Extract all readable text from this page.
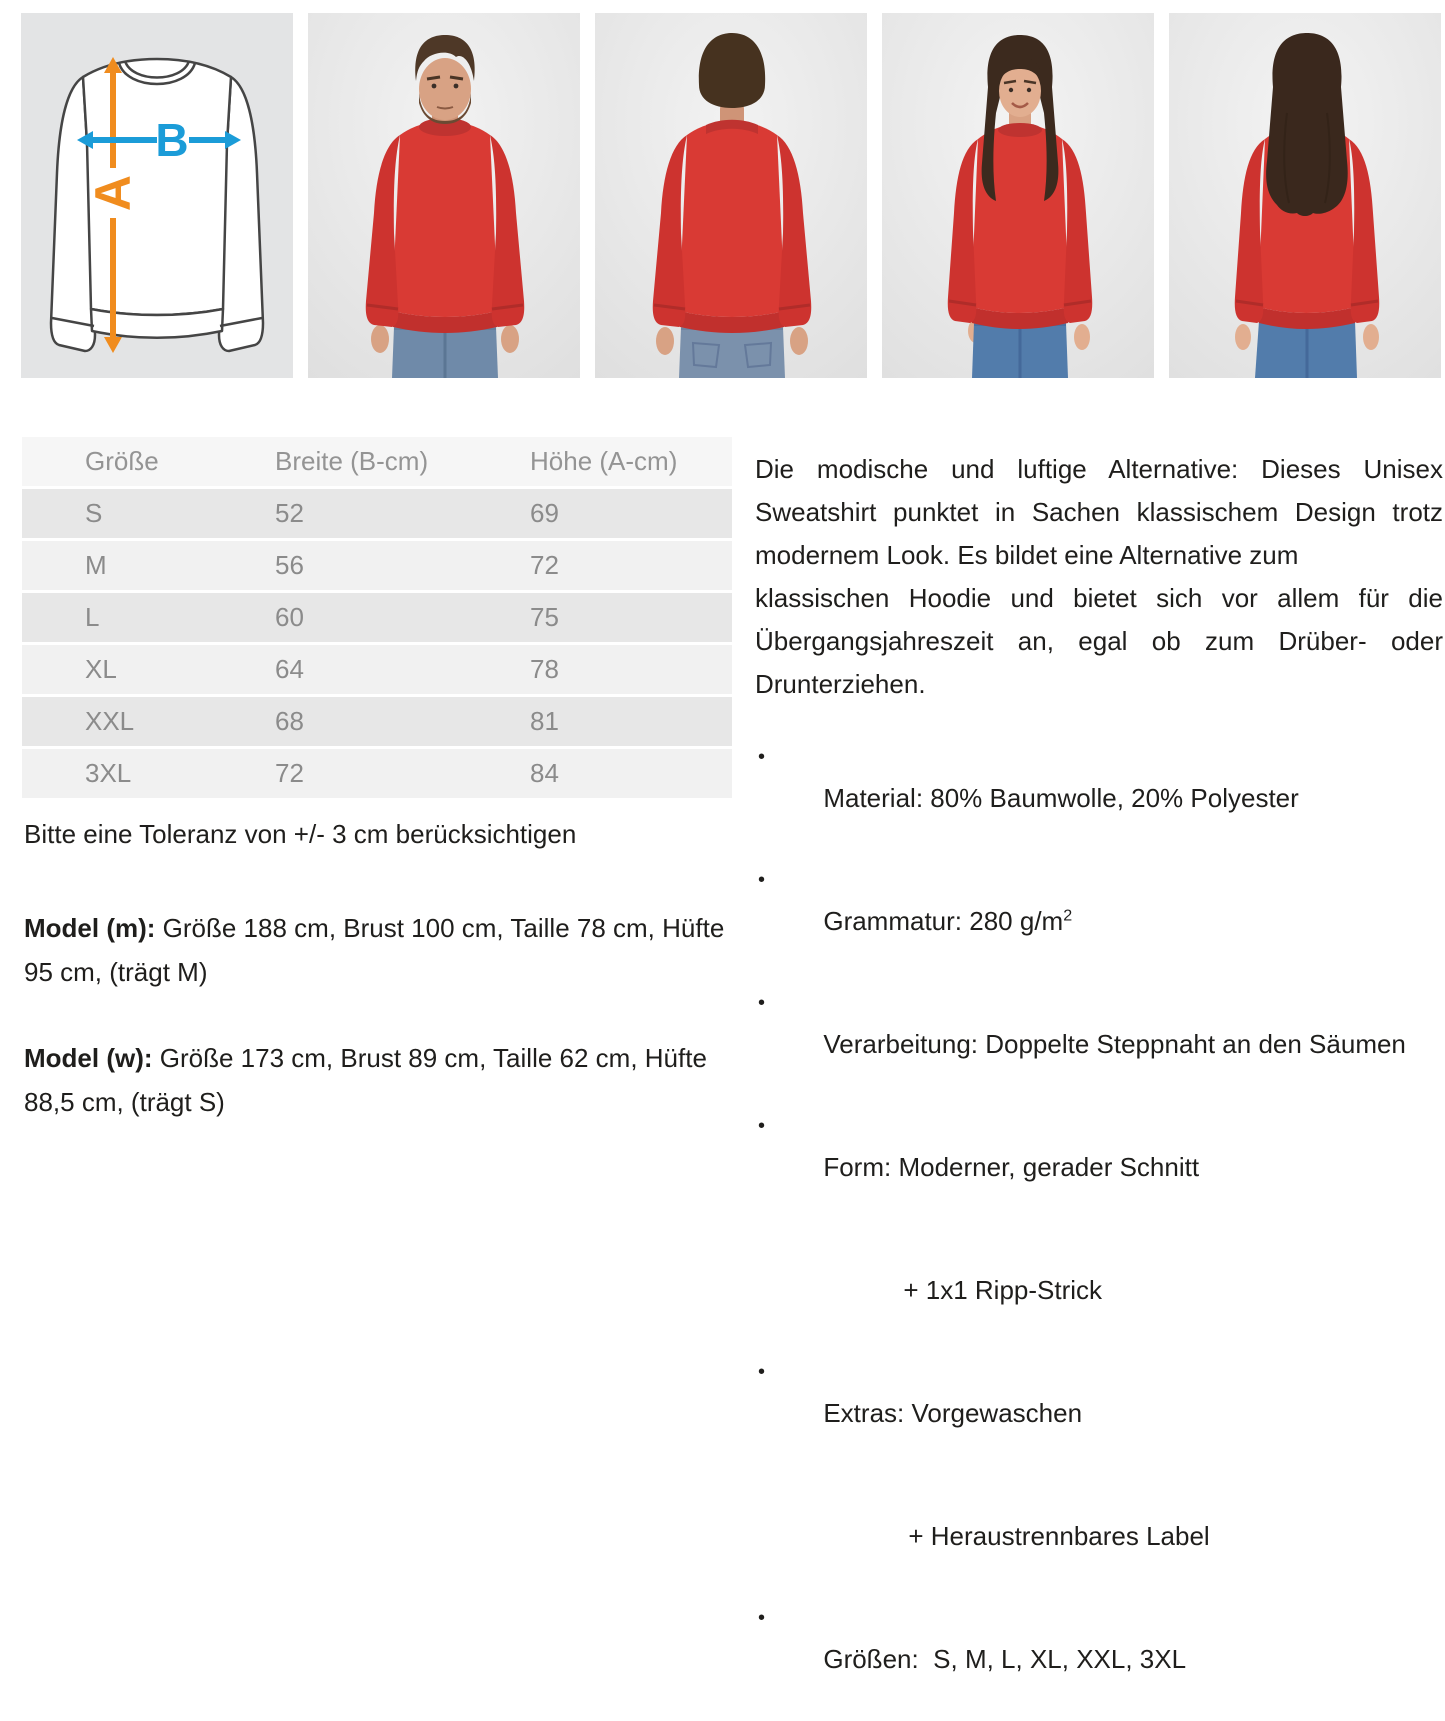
A
B
Größe	Breite (B-cm)	Höhe (A-cm)
S	52	69
M	56	72
L	60	75
XL	64	78
XXL	68	81
3XL	72	84
Bitte eine Toleranz von +/- 3 cm berücksichtigen
Model (m): Größe 188 cm, Brust 100 cm, Taille 78 cm, Hüfte 95 cm, (trägt M)
Model (w): Größe 173 cm, Brust 89 cm, Taille 62 cm, Hüfte 88,5 cm, (trägt S)
Die modische und luftige Alternative: Dieses Unisex
Sweatshirt punktet in Sachen klassischem Design trotz
modernem Look. Es bildet eine Alternative zum
klassischen Hoodie und bietet sich vor allem für die
Übergangsjahreszeit an, egal ob zum Drüber- oder
Drunterziehen.

•
Material: 80% Baumwolle, 20% Polyester

•
Grammatur: 280 $g/m^2$

•
Verarbeitung: Doppelte Steppnaht an den Säumen

•
Form: Moderner, gerader Schnitt

+ 1x1 Ripp-Strick

•
Extras: Vorgewaschen

+ Heraustrennbares Label

•
Größen:  S, M, L, XL, XXL, 3XL
